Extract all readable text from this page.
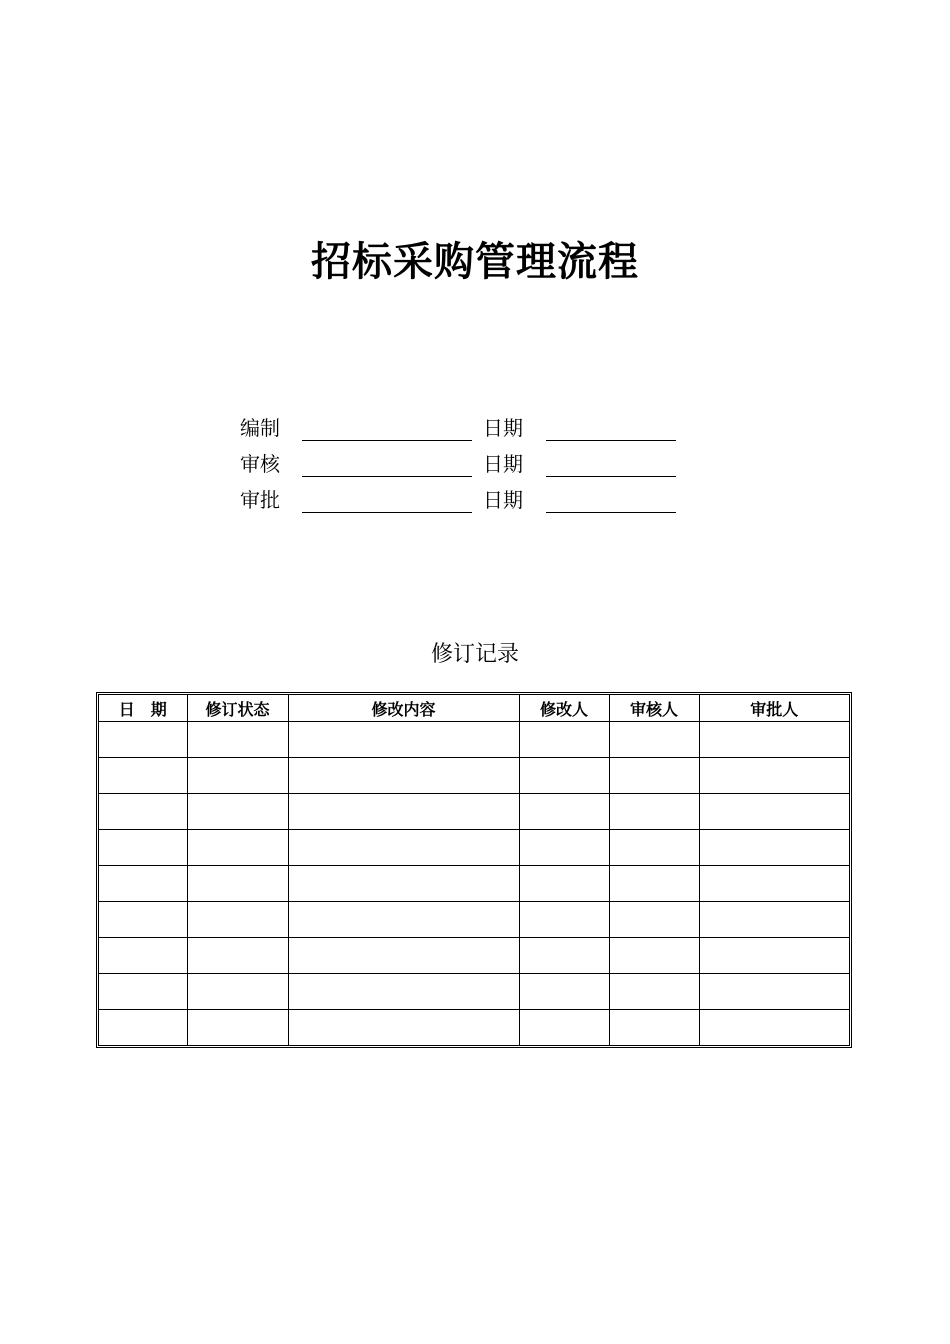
招标采购管理流程
编制	日期
审核	日期
审批	日期
修订记录
日　期	修订状态	修改内容	修改人	审核人	审批人
